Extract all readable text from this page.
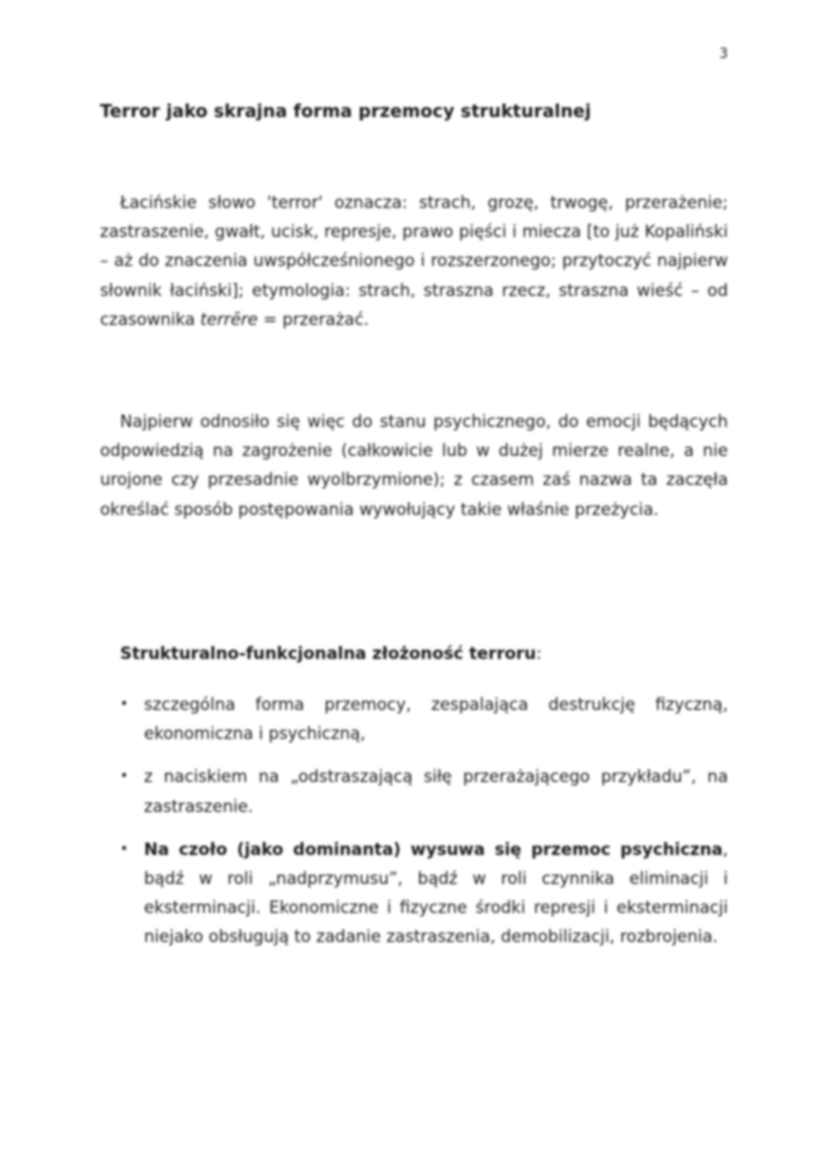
3
Terror jako skrajna forma przemocy strukturalnej

Łacińskie słowo 'terror' oznacza: strach, grozę, trwogę, przerażenie; zastraszenie, gwałt, ucisk, represje, prawo pięści i miecza [to już Kopaliński – aż do znaczenia uwspółcześnionego i rozszerzonego; przytoczyć najpierw słownik łaciński]; etymologia: strach, straszna rzecz, straszna wieść – od czasownika terrēre = przerażać.

Najpierw odnosiło się więc do stanu psychicznego, do emocji będących odpowiedzią na zagrożenie (całkowicie lub w dużej mierze realne, a nie urojone czy przesadnie wyolbrzymione); z czasem zaś nazwa ta zaczęła określać sposób postępowania wywołujący takie właśnie przeżycia.

Strukturalno-funkcjonalna złożoność terroru:
• szczególna forma przemocy, zespalająca destrukcję fizyczną, ekonomiczna i psychiczną,
• z naciskiem na „odstraszającą siłę przerażającego przykładu”, na zastraszenie.
• Na czoło (jako dominanta) wysuwa się przemoc psychiczna, bądź w roli „nadprzymusu”, bądź w roli czynnika eliminacji i eksterminacji. Ekonomiczne i fizyczne środki represji i eksterminacji niejako obsługują to zadanie zastraszenia, demobilizacji, rozbrojenia.
